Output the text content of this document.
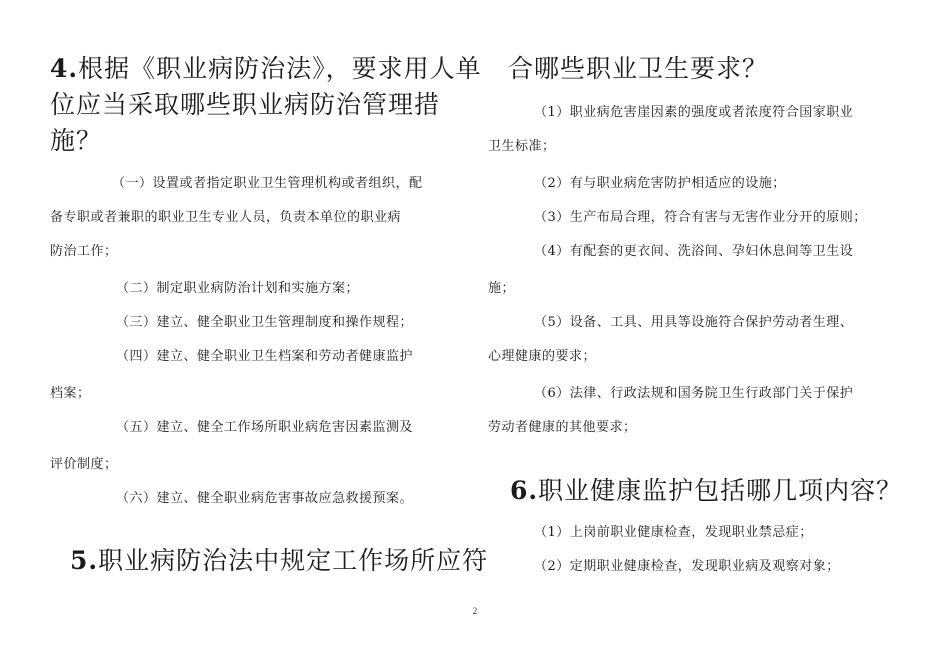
4.根据《职业病防治法》，要求用人单
位应当采取哪些职业病防治管理措
施？

（一）设置或者指定职业卫生管理机构或者组织，配

备专职或者兼职的职业卫生专业人员，负责本单位的职业病

防治工作；

（二）制定职业病防治计划和实施方案；

（三）建立、健全职业卫生管理制度和操作规程；

（四）建立、健全职业卫生档案和劳动者健康监护

档案；

（五）建立、健全工作场所职业病危害因素监测及

评价制度；

（六）建立、健全职业病危害事故应急救援预案。

5.职业病防治法中规定工作场所应符
合哪些职业卫生要求？

（1）职业病危害崖因素的强度或者浓度符合国家职业

卫生标准；

（2）有与职业病危害防护相适应的设施；

（3）生产布局合理，符合有害与无害作业分开的原则；

（4）有配套的更衣间、洗浴间、孕妇休息间等卫生设

施；

（5）设备、工具、用具等设施符合保护劳动者生理、

心理健康的要求；

（6）法律、行政法规和国务院卫生行政部门关于保护

劳动者健康的其他要求；

6.职业健康监护包括哪几项内容？

（1）上岗前职业健康检查，发现职业禁忌症；

（2）定期职业健康检查，发现职业病及观察对象；

2
